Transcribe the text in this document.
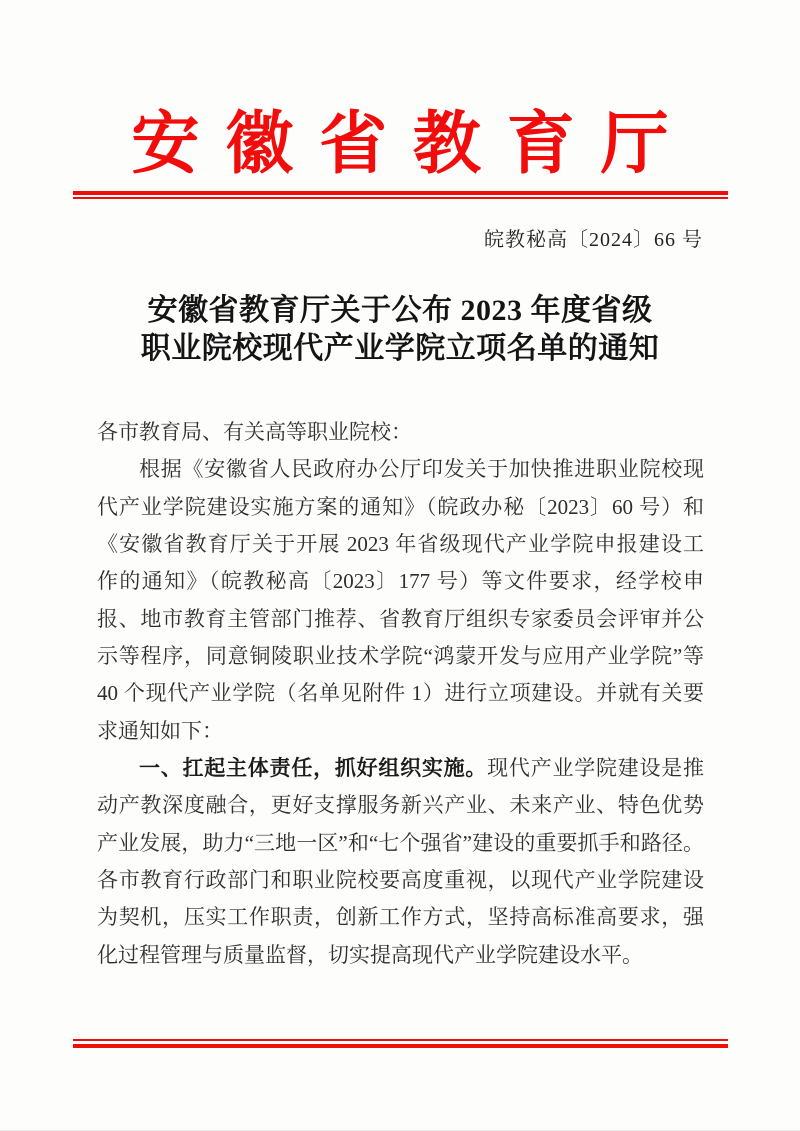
安徽省教育厅
皖教秘高〔2024〕66 号
安徽省教育厅关于公布 2023 年度省级
职业院校现代产业学院立项名单的通知
各市教育局、有关高等职业院校：
根据《安徽省人民政府办公厅印发关于加快推进职业院校现
代产业学院建设实施方案的通知》（皖政办秘〔2023〕60 号）和
《安徽省教育厅关于开展 2023 年省级现代产业学院申报建设工
作的通知》（皖教秘高〔2023〕177 号）等文件要求，经学校申
报、地市教育主管部门推荐、省教育厅组织专家委员会评审并公
示等程序，同意铜陵职业技术学院“鸿蒙开发与应用产业学院”等
40 个现代产业学院（名单见附件 1）进行立项建设。并就有关要
求通知如下：
一、扛起主体责任，抓好组织实施。现代产业学院建设是推
动产教深度融合，更好支撑服务新兴产业、未来产业、特色优势
产业发展，助力“三地一区”和“七个强省”建设的重要抓手和路径。
各市教育行政部门和职业院校要高度重视，以现代产业学院建设
为契机，压实工作职责，创新工作方式，坚持高标准高要求，强
化过程管理与质量监督，切实提高现代产业学院建设水平。
